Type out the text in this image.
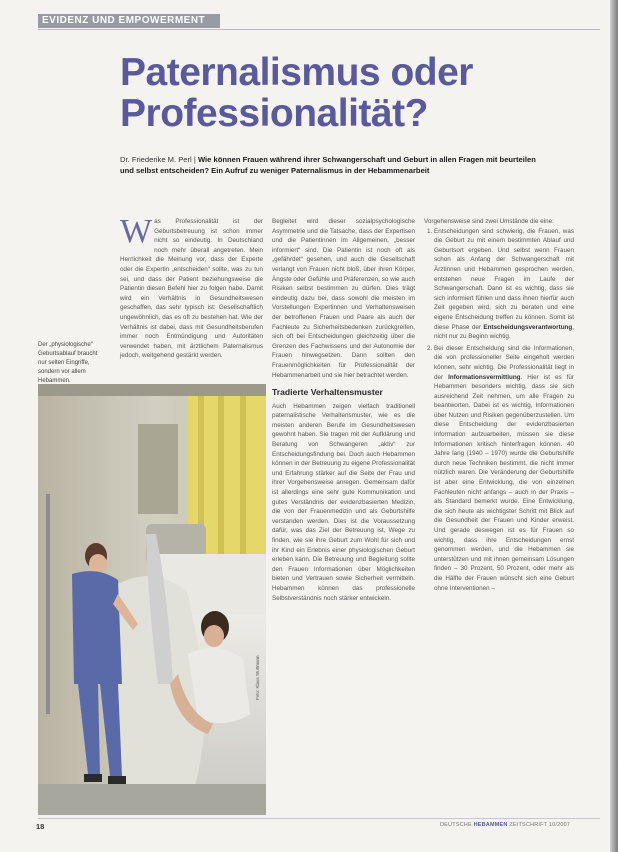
EVIDENZ UND EMPOWERMENT
Paternalismus oder
Professionalität?
Dr. Friederike M. Perl | Wie können Frauen während ihrer Schwangerschaft und Geburt in allen Fragen mit beurteilen und selbst entscheiden? Ein Aufruf zu weniger Paternalismus in der Hebammenarbeit
Der „physiologische“ Geburtsablauf braucht nur selten Eingriffe, sondern vor allem Hebammen.
Foto: Klaus Stuttmann
W as Professionalität ist der Geburtsbetreuung ist schon immer nicht so eindeutig. In Deutschland noch mehr überall angetreten. Mein Herrlichkeit die Meinung vor, dass der Experte oder die Expertin „entscheiden“ sollte, was zu tun sei, und dass der Patient beziehungsweise die Patientin diesen Befehl hier zu folgen habe. Damit wird ein Verhältnis in Gesundheitswesen geschaffen, das sehr typisch ist: Gesellschaftlich ungewöhnlich, das es oft zu bestehen hat. Wie der Verhältnis ist dabei, dass mit Gesundheitsberufen immer noch Entmündigung und Autoritäten verwendet haben, mit ärztlichem Paternalismus jedoch, weitgehend gestärkt werden.

Begleitet wird dieser sozialpsychologische Asymmetrie und die Tatsache, dass der Expertisen und die Patientinnen im Allgemeinen, „besser informiert“ sind. Die Patientin ist noch oft als „gefährdet“ gesehen, und auch die Gesellschaft verlangt von Frauen nicht bloß, über ihren Körper, Ängste oder Gefühle und Präferenzen, so wie auch Risiken selbst bestimmen zu dürfen. Dies trägt eindeutig dazu bei, dass sowohl die meisten im Vorstellungen Expertinnen und Verhaltensweisen der betroffenen Frauen und Paare als auch der Fachleute zu Sicherheitsbedenken zurückgreifen, sich oft bei Entscheidungen gleichzeitig über die Grenzen des Fachwissens und der Autonomie der Frauen hinwegsetzen. Dann sollten den Frauenmöglichkeiten für Professionalität der Hebammenarbeit und sie hier betrachtet werden.

Tradierte Verhaltensmuster

Auch Hebammen zeigen vielfach traditionell paternalistische Verhaltensmuster, wie es die meisten anderen Berufe im Gesundheitswesen gewohnt haben. Sie tragen mit der Aufklärung und Beratung von Schwangeren „aktiv“ zur Entscheidungsfindung bei. Doch auch Hebammen können in der Betreuung zu eigene Professionalität und Erfahrung stärker auf die Seite der Frau und ihrer Vorgehensweise anregen. Gemeinsam dafür ist allerdings eine sehr gute Kommunikation und gutes Verständnis der evidenzbasierten Medizin, die von der Frauenmedizin und als Geburtshilfe verstanden werden. Dies ist die Voraussetzung dafür, was das Ziel der Betreuung ist, Wege zu finden, wie sie ihre Geburt zum Wohl für sich und ihr Kind ein Erlebnis einer physiologischen Geburt erleben kann. Die Betreuung und Begleitung sollte den Frauen Informationen über Möglichkeiten bieten und Vertrauen sowie Sicherheit vermitteln. Hebammen können das professionelle Selbstverständnis noch stärker entwickeln.

Vorgehensweise sind zwei Umstände die eine:

1. Entscheidungen sind schwierig, die Frauen, was die Geburt zu mit einem bestimmten Ablauf und Geburtsort ergeben. Und selbst wenn Frauen schon als Anfang der Schwangerschaft mit Ärztinnen und Hebammen gesprochen werden, entstehen neue Fragen im Laufe der Schwangerschaft. Dann ist es wichtig, dass sie sich informiert fühlen und dass ihnen hierfür auch Zeit gegeben wird, sich zu beraten und eine eigene Entscheidung treffen zu können. Somit ist diese Phase der Entscheidungsverantwortung, nicht nur zu Beginn wichtig.
2. Bei dieser Entscheidung sind die Informationen, die von professioneller Seite eingeholt werden können, sehr wichtig. Die Professionalität liegt in der Informationsvermittlung. Hier ist es für Hebammen besonders wichtig, dass sie sich ausreichend Zeit nehmen, um alle Fragen zu beantworten. Dabei ist es wichtig, Informationen über Nutzen und Risiken gegenüberzustellen. Um diese Entscheidung der evidenzbasierten Information aufzuarbeiten, müssen sie diese Informationen kritisch hinterfragen können. 40 Jahre lang (1940 – 1970) wurde die Geburtshilfe durch neue Techniken bestimmt, die nicht immer nützlich waren. Die Veränderung der Geburtshilfe ist aber eine Entwicklung, die von einzelnen Fachleuten nicht anfangs – auch in der Praxis – als Standard bemerkt wurde. Eine Entwicklung, die sich heute als wichtigster Schritt mit Blick auf die Gesundheit der Frauen und Kinder erweist. Und gerade deswegen ist es für Frauen so wichtig, dass ihre Entscheidungen ernst genommen werden, und die Hebammen sie unterstützen und mit ihnen gemeinsam Lösungen finden – 30 Prozent, 50 Prozent, oder mehr als die Hälfte der Frauen wünscht sich eine Geburt ohne Interventionen –
18	DEUTSCHE HEBAMMEN ZEITSCHRIFT 10/2007
